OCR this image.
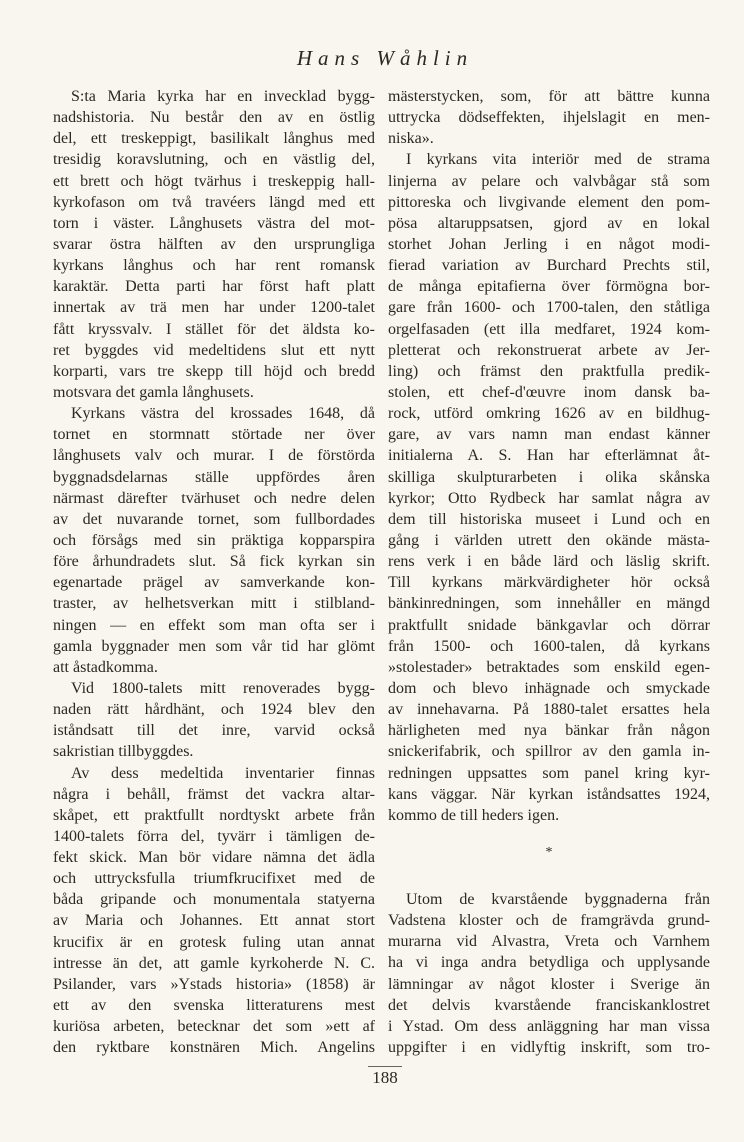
Hans Wåhlin
S:ta Maria kyrka har en invecklad bygg-
nadshistoria. Nu består den av en östlig
del, ett treskeppigt, basilikalt långhus med
tresidig koravslutning, och en västlig del,
ett brett och högt tvärhus i treskeppig hall-
kyrkofason om två travéers längd med ett
torn i väster. Långhusets västra del mot-
svarar östra hälften av den ursprungliga
kyrkans långhus och har rent romansk
karaktär. Detta parti har först haft platt
innertak av trä men har under 1200-talet
fått kryssvalv. I stället för det äldsta ko-
ret byggdes vid medeltidens slut ett nytt
korparti, vars tre skepp till höjd och bredd
motsvara det gamla långhusets.
Kyrkans västra del krossades 1648, då
tornet en stormnatt störtade ner över
långhusets valv och murar. I de förstörda
byggnadsdelarnas ställe uppfördes åren
närmast därefter tvärhuset och nedre delen
av det nuvarande tornet, som fullbordades
och försågs med sin präktiga kopparspira
före århundradets slut. Så fick kyrkan sin
egenartade prägel av samverkande kon-
traster, av helhetsverkan mitt i stilbland-
ningen — en effekt som man ofta ser i
gamla byggnader men som vår tid har glömt
att åstadkomma.
Vid 1800-talets mitt renoverades bygg-
naden rätt hårdhänt, och 1924 blev den
iståndsatt till det inre, varvid också
sakristian tillbyggdes.
Av dess medeltida inventarier finnas
några i behåll, främst det vackra altar-
skåpet, ett praktfullt nordtyskt arbete från
1400-talets förra del, tyvärr i tämligen de-
fekt skick. Man bör vidare nämna det ädla
och uttrycksfulla triumfkrucifixet med de
båda gripande och monumentala statyerna
av Maria och Johannes. Ett annat stort
krucifix är en grotesk fuling utan annat
intresse än det, att gamle kyrkoherde N. C.
Psilander, vars »Ystads historia» (1858) är
ett av den svenska litteraturens mest
kuriösa arbeten, betecknar det som »ett af
den ryktbare konstnären Mich. Angelins
mästerstycken, som, för att bättre kunna
uttrycka dödseffekten, ihjelslagit en men-
niska».
I kyrkans vita interiör med de strama
linjerna av pelare och valvbågar stå som
pittoreska och livgivande element den pom-
pösa altaruppsatsen, gjord av en lokal
storhet Johan Jerling i en något modi-
fierad variation av Burchard Prechts stil,
de många epitafierna över förmögna bor-
gare från 1600- och 1700-talen, den ståtliga
orgelfasaden (ett illa medfaret, 1924 kom-
pletterat och rekonstruerat arbete av Jer-
ling) och främst den praktfulla predik-
stolen, ett chef-d'œuvre inom dansk ba-
rock, utförd omkring 1626 av en bildhug-
gare, av vars namn man endast känner
initialerna A. S. Han har efterlämnat åt-
skilliga skulpturarbeten i olika skånska
kyrkor; Otto Rydbeck har samlat några av
dem till historiska museet i Lund och en
gång i världen utrett den okände mästa-
rens verk i en både lärd och läslig skrift.
Till kyrkans märkvärdigheter hör också
bänkinredningen, som innehåller en mängd
praktfullt snidade bänkgavlar och dörrar
från 1500- och 1600-talen, då kyrkans
»stolestader» betraktades som enskild egen-
dom och blevo inhägnade och smyckade
av innehavarna. På 1880-talet ersattes hela
härligheten med nya bänkar från någon
snickerifabrik, och spillror av den gamla in-
redningen uppsattes som panel kring kyr-
kans väggar. När kyrkan iståndsattes 1924,
kommo de till heders igen.
*
Utom de kvarstående byggnaderna från
Vadstena kloster och de framgrävda grund-
murarna vid Alvastra, Vreta och Varnhem
ha vi inga andra betydliga och upplysande
lämningar av något kloster i Sverige än
det delvis kvarstående franciskanklostret
i Ystad. Om dess anläggning har man vissa
uppgifter i en vidlyftig inskrift, som tro-
188
